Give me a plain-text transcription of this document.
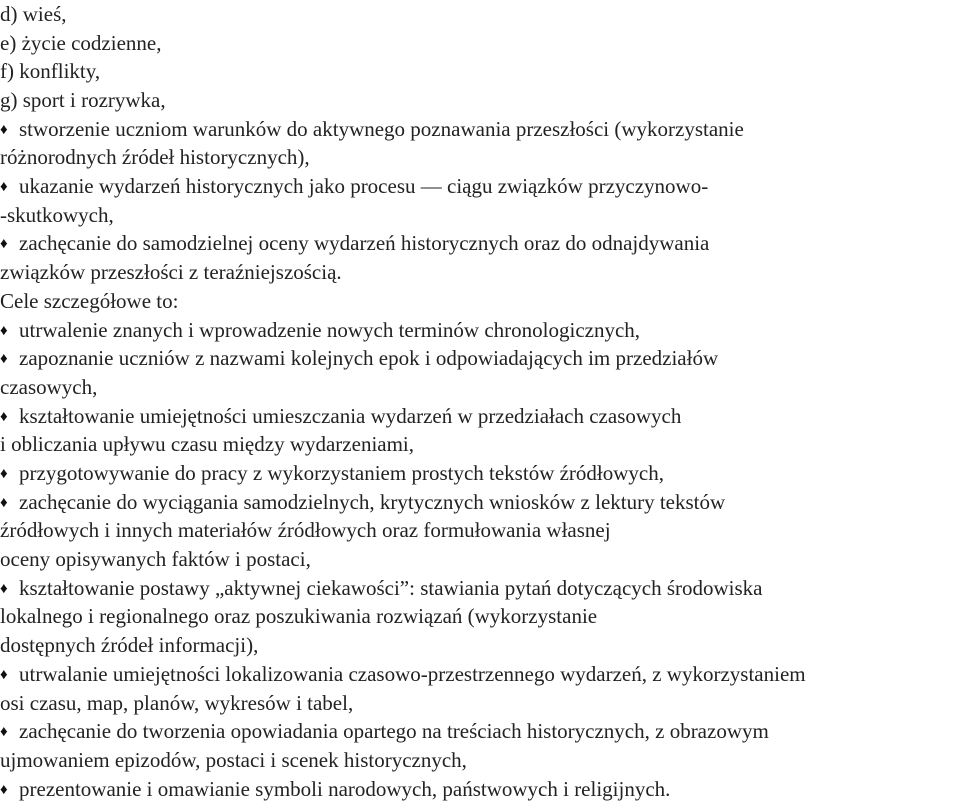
d) wieś,
e) życie codzienne,
f) konflikty,
g) sport i rozrywka,
♦ stworzenie uczniom warunków do aktywnego poznawania przeszłości (wykorzystanie
różnorodnych źródeł historycznych),
♦ ukazanie wydarzeń historycznych jako procesu — ciągu związków przyczynowo-
-skutkowych,
♦ zachęcanie do samodzielnej oceny wydarzeń historycznych oraz do odnajdywania
związków przeszłości z teraźniejszością.
Cele szczegółowe to:
♦ utrwalenie znanych i wprowadzenie nowych terminów chronologicznych,
♦ zapoznanie uczniów z nazwami kolejnych epok i odpowiadających im przedziałów
czasowych,
♦ kształtowanie umiejętności umieszczania wydarzeń w przedziałach czasowych
i obliczania upływu czasu między wydarzeniami,
♦ przygotowywanie do pracy z wykorzystaniem prostych tekstów źródłowych,
♦ zachęcanie do wyciągania samodzielnych, krytycznych wniosków z lektury tekstów
źródłowych i innych materiałów źródłowych oraz formułowania własnej
oceny opisywanych faktów i postaci,
♦ kształtowanie postawy „aktywnej ciekawości”: stawiania pytań dotyczących środowiska
lokalnego i regionalnego oraz poszukiwania rozwiązań (wykorzystanie
dostępnych źródeł informacji),
♦ utrwalanie umiejętności lokalizowania czasowo-przestrzennego wydarzeń, z wykorzystaniem
osi czasu, map, planów, wykresów i tabel,
♦ zachęcanie do tworzenia opowiadania opartego na treściach historycznych, z obrazowym
ujmowaniem epizodów, postaci i scenek historycznych,
♦ prezentowanie i omawianie symboli narodowych, państwowych i religijnych.
